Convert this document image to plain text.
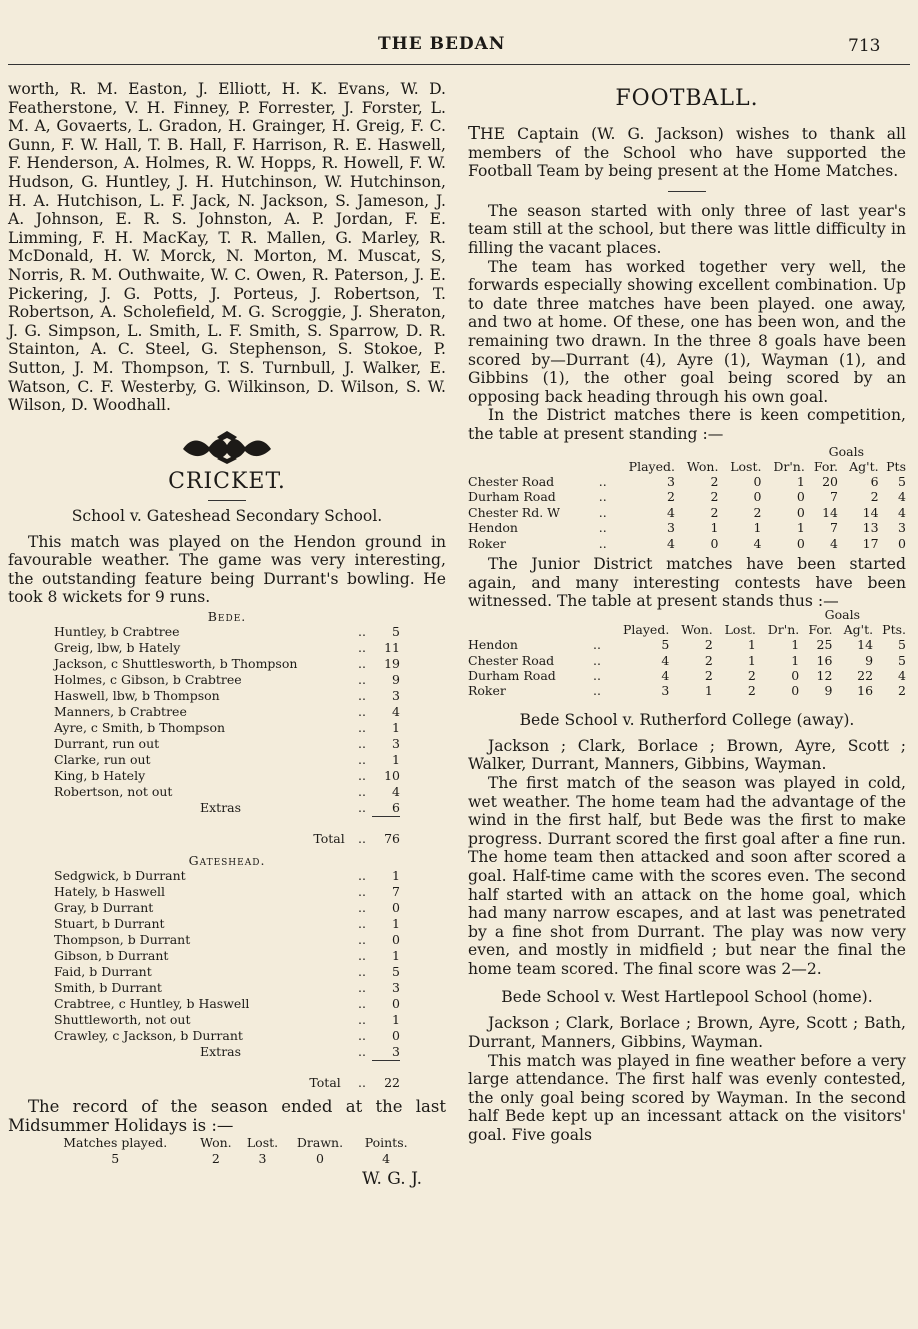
THE BEDAN	713

worth, R. M. Easton, J. Elliott, H. K. Evans, W. D. Featherstone, V. H. Finney, P. Forrester, J. Forster, L. M. A, Govaerts, L. Gradon, H. Grainger, H. Greig, F. C. Gunn, F. W. Hall, T. B. Hall, F. Harrison, R. E. Haswell, F. Henderson, A. Holmes, R. W. Hopps, R. Howell, F. W. Hudson, G. Huntley, J. H. Hutchinson, W. Hutchinson, H. A. Hutchison, L. F. Jack, N. Jackson, S. Jameson, J. A. Johnson, E. R. S. Johnston, A. P. Jordan, F. E. Limming, F. H. MacKay, T. R. Mallen, G. Marley, R. McDonald, H. W. Morck, N. Morton, M. Muscat, S, Norris, R. M. Outhwaite, W. C. Owen, R. Paterson, J. E. Pickering, J. G. Potts, J. Porteus, J. Robertson, T. Robertson, A. Scholefield, M. G. Scroggie, J. Sheraton, J. G. Simpson, L. Smith, L. F. Smith, S. Sparrow, D. R. Stainton, A. C. Steel, G. Stephenson, S. Stokoe, P. Sutton, J. M. Thompson, T. S. Turnbull, J. Walker, E. Watson, C. F. Westerby, G. Wilkinson, D. Wilson, S. W. Wilson, D. Woodhall.

CRICKET.

School v. Gateshead Secondary School.

This match was played on the Hendon ground in favourable weather. The game was very interesting, the outstanding feature being Durrant's bowling. He took 8 wickets for 9 runs.

Bede.
Huntley, b Crabtree	..	5
Greig, lbw, b Hately	..	11
Jackson, c Shuttlesworth, b Thompson	..	19
Holmes, c Gibson, b Crabtree	..	9
Haswell, lbw, b Thompson	..	3
Manners, b Crabtree	..	4
Ayre, c Smith, b Thompson	..	1
Durrant, run out	..	3
Clarke, run out	..	1
King, b Hately	..	10
Robertson, not out	..	4
Extras	..	6
Total	..	76
Gateshead.
Sedgwick, b Durrant	..	1
Hately, b Haswell	..	7
Gray, b Durrant	..	0
Stuart, b Durrant	..	1
Thompson, b Durrant	..	0
Gibson, b Durrant	..	1
Faid, b Durrant	..	5
Smith, b Durrant	..	3
Crabtree, c Huntley, b Haswell	..	0
Shuttleworth, not out	..	1
Crawley, c Jackson, b Durrant	..	0
Extras	..	3
Total	..	22

The record of the season ended at the last Midsummer Holidays is :—

Matches played.	Won.	Lost.	Drawn.	Points.
5	2	3	0	4
W. G. J.

FOOTBALL.

THE Captain (W. G. Jackson) wishes to thank all members of the School who have supported the Football Team by being present at the Home Matches.

The season started with only three of last year's team still at the school, but there was little difficulty in filling the vacant places.

The team has worked together very well, the forwards especially showing excellent combination. Up to date three matches have been played. one away, and two at home. Of these, one has been won, and the remaining two drawn. In the three 8 goals have been scored by—Durrant (4), Ayre (1), Wayman (1), and Gibbins (1), the other goal being scored by an opposing back heading through his own goal.

In the District matches there is keen competition, the table at present standing :—

Goals
		Played.	Won.	Lost.	Dr'n.	For.	Ag't.	Pts
Chester Road	..	3	2	0	1	20	6	5
Durham Road	..	2	2	0	0	7	2	4
Chester Rd. W	..	4	2	2	0	14	14	4
Hendon	..	3	1	1	1	7	13	3
Roker	..	4	0	4	0	4	17	0

The Junior District matches have been started again, and many interesting contests have been witnessed. The table at present stands thus :—

Goals
		Played.	Won.	Lost.	Dr'n.	For.	Ag't.	Pts.
Hendon	..	5	2	1	1	25	14	5
Chester Road	..	4	2	1	1	16	9	5
Durham Road	..	4	2	2	0	12	22	4
Roker	..	3	1	2	0	9	16	2

Bede School v. Rutherford College (away).

Jackson ; Clark, Borlace ; Brown, Ayre, Scott ; Walker, Durrant, Manners, Gibbins, Wayman.

The first match of the season was played in cold, wet weather. The home team had the advantage of the wind in the first half, but Bede was the first to make progress. Durrant scored the first goal after a fine run. The home team then attacked and soon after scored a goal. Half-time came with the scores even. The second half started with an attack on the home goal, which had many narrow escapes, and at last was penetrated by a fine shot from Durrant. The play was now very even, and mostly in midfield ; but near the final the home team scored. The final score was 2—2.

Bede School v. West Hartlepool School (home).

Jackson ; Clark, Borlace ; Brown, Ayre, Scott ; Bath, Durrant, Manners, Gibbins, Wayman.

This match was played in fine weather before a very large attendance. The first half was evenly contested, the only goal being scored by Wayman. In the second half Bede kept up an incessant attack on the visitors' goal. Five goals
